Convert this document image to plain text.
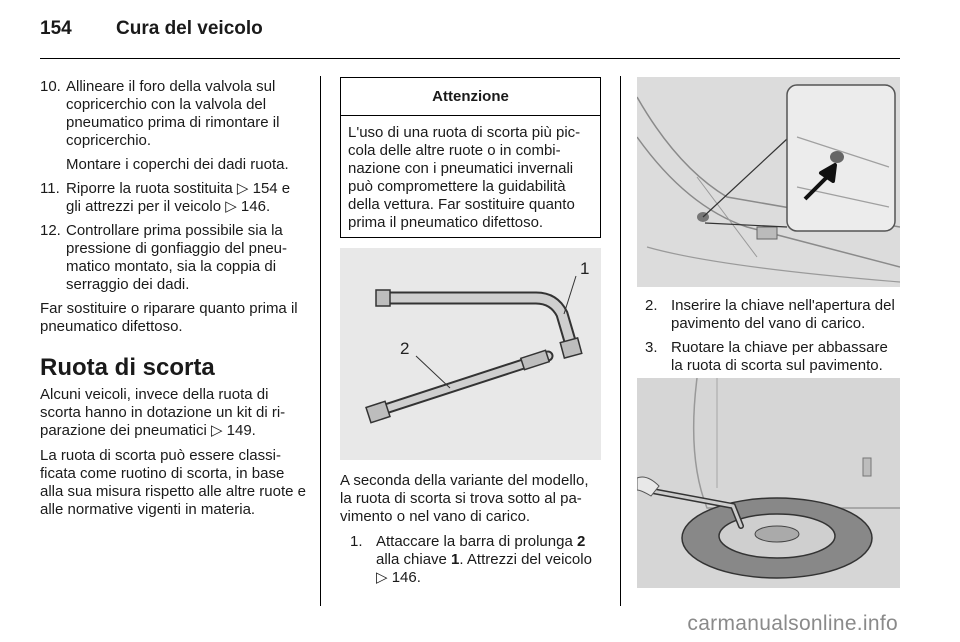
154 Cura del veicolo
10. Allineare il foro della valvola sul copricerchio con la valvola del pneumatico prima di rimontare il copricerchio.
Montare i coperchi dei dadi ruota.
11. Riporre la ruota sostituita ▷ 154 e gli attrezzi per il veicolo ▷ 146.
12. Controllare prima possibile sia la pressione di gonfiaggio del pneumatico montato, sia la coppia di serraggio dei dadi.

Far sostituire o riparare quanto prima il pneumatico difettoso.

Ruota di scorta

Alcuni veicoli, invece della ruota di scorta hanno in dotazione un kit di riparazione dei pneumatici ▷ 149.

La ruota di scorta può essere classificata come ruotino di scorta, in base alla sua misura rispetto alle altre ruote e alle normative vigenti in materia.

Attenzione
L'uso di una ruota di scorta più piccola delle altre ruote o in combinazione con i pneumatici invernali può compromettere la guidabilità della vettura. Far sostituire quanto prima il pneumatico difettoso.
1
2

A seconda della variante del modello, la ruota di scorta si trova sotto al pavimento o nel vano di carico.

1. Attaccare la barra di prolunga 2 alla chiave 1. Attrezzi del veicolo
▷ 146.
2. Inserire la chiave nell'apertura del pavimento del vano di carico.
3. Ruotare la chiave per abbassare la ruota di scorta sul pavimento.
carmanualsonline.info
